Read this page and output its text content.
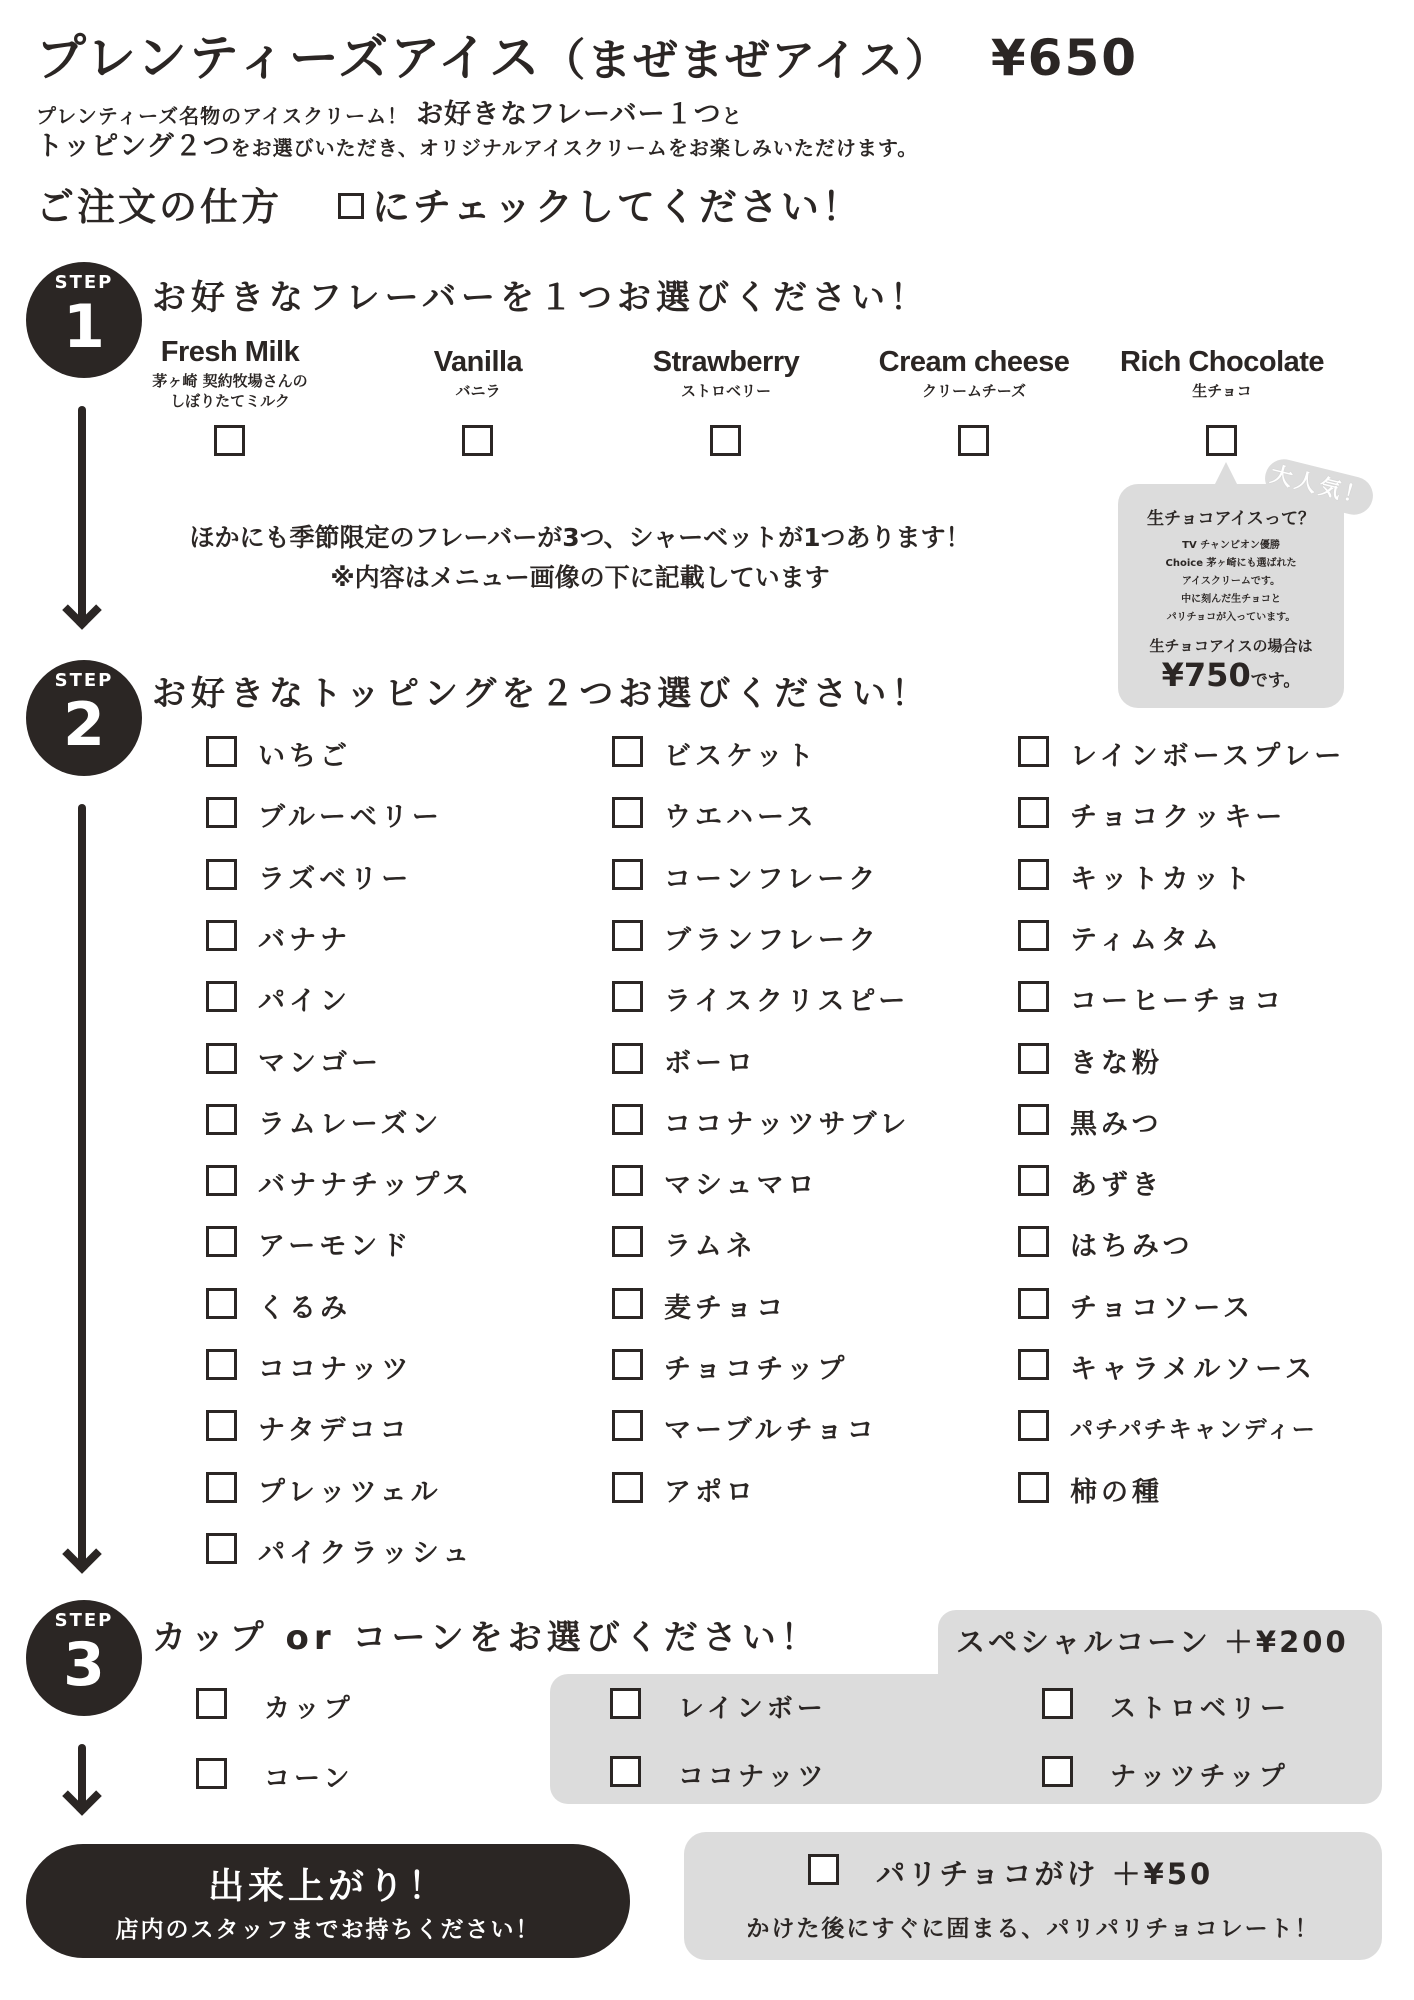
プレンティーズアイス（まぜまぜアイス） ¥650
プレンティーズ名物のアイスクリーム！ お好きなフレーバー１つと
トッピング２つをお選びいただき、オリジナルアイスクリームをお楽しみいただけます。
ご注文の仕方 にチェックしてください！
STEP
1	お好きなフレーバーを１つお選びください！
Fresh Milk
茅ヶ崎 契約牧場さんの しぼりたてミルク
Vanilla
バニラ
Strawberry
ストロベリー
Cream cheese
クリームチーズ
Rich Chocolate
生チョコ
ほかにも季節限定のフレーバーが3つ、シャーベットが1つあります！
※内容はメニュー画像の下に記載しています
大人気！
生チョコアイスって？
TV チャンピオン優勝
Choice 茅ヶ崎にも選ばれた
アイスクリームです。
中に刻んだ生チョコと
パリチョコが入っています。
生チョコアイスの場合は
¥750です。
STEP
2	お好きなトッピングを２つお選びください！
いちご
ブルーベリー
ラズベリー
バナナ
パイン
マンゴー
ラムレーズン
バナナチップス
アーモンド
くるみ
ココナッツ
ナタデココ
プレッツェル
パイクラッシュ
ビスケット
ウエハース
コーンフレーク
ブランフレーク
ライスクリスピー
ボーロ
ココナッツサブレ
マシュマロ
ラムネ
麦チョコ
チョコチップ
マーブルチョコ
アポロ
レインボースプレー
チョコクッキー
キットカット
ティムタム
コーヒーチョコ
きな粉
黒みつ
あずき
はちみつ
チョコソース
キャラメルソース
パチパチキャンディー
柿の種
STEP
3	カップ or コーンをお選びください！
カップ
コーン
スペシャルコーン ＋¥200
レインボー	ストロベリー
ココナッツ	ナッツチップ
出来上がり！
店内のスタッフまでお持ちください！
パリチョコがけ ＋¥50
かけた後にすぐに固まる、パリパリチョコレート！
